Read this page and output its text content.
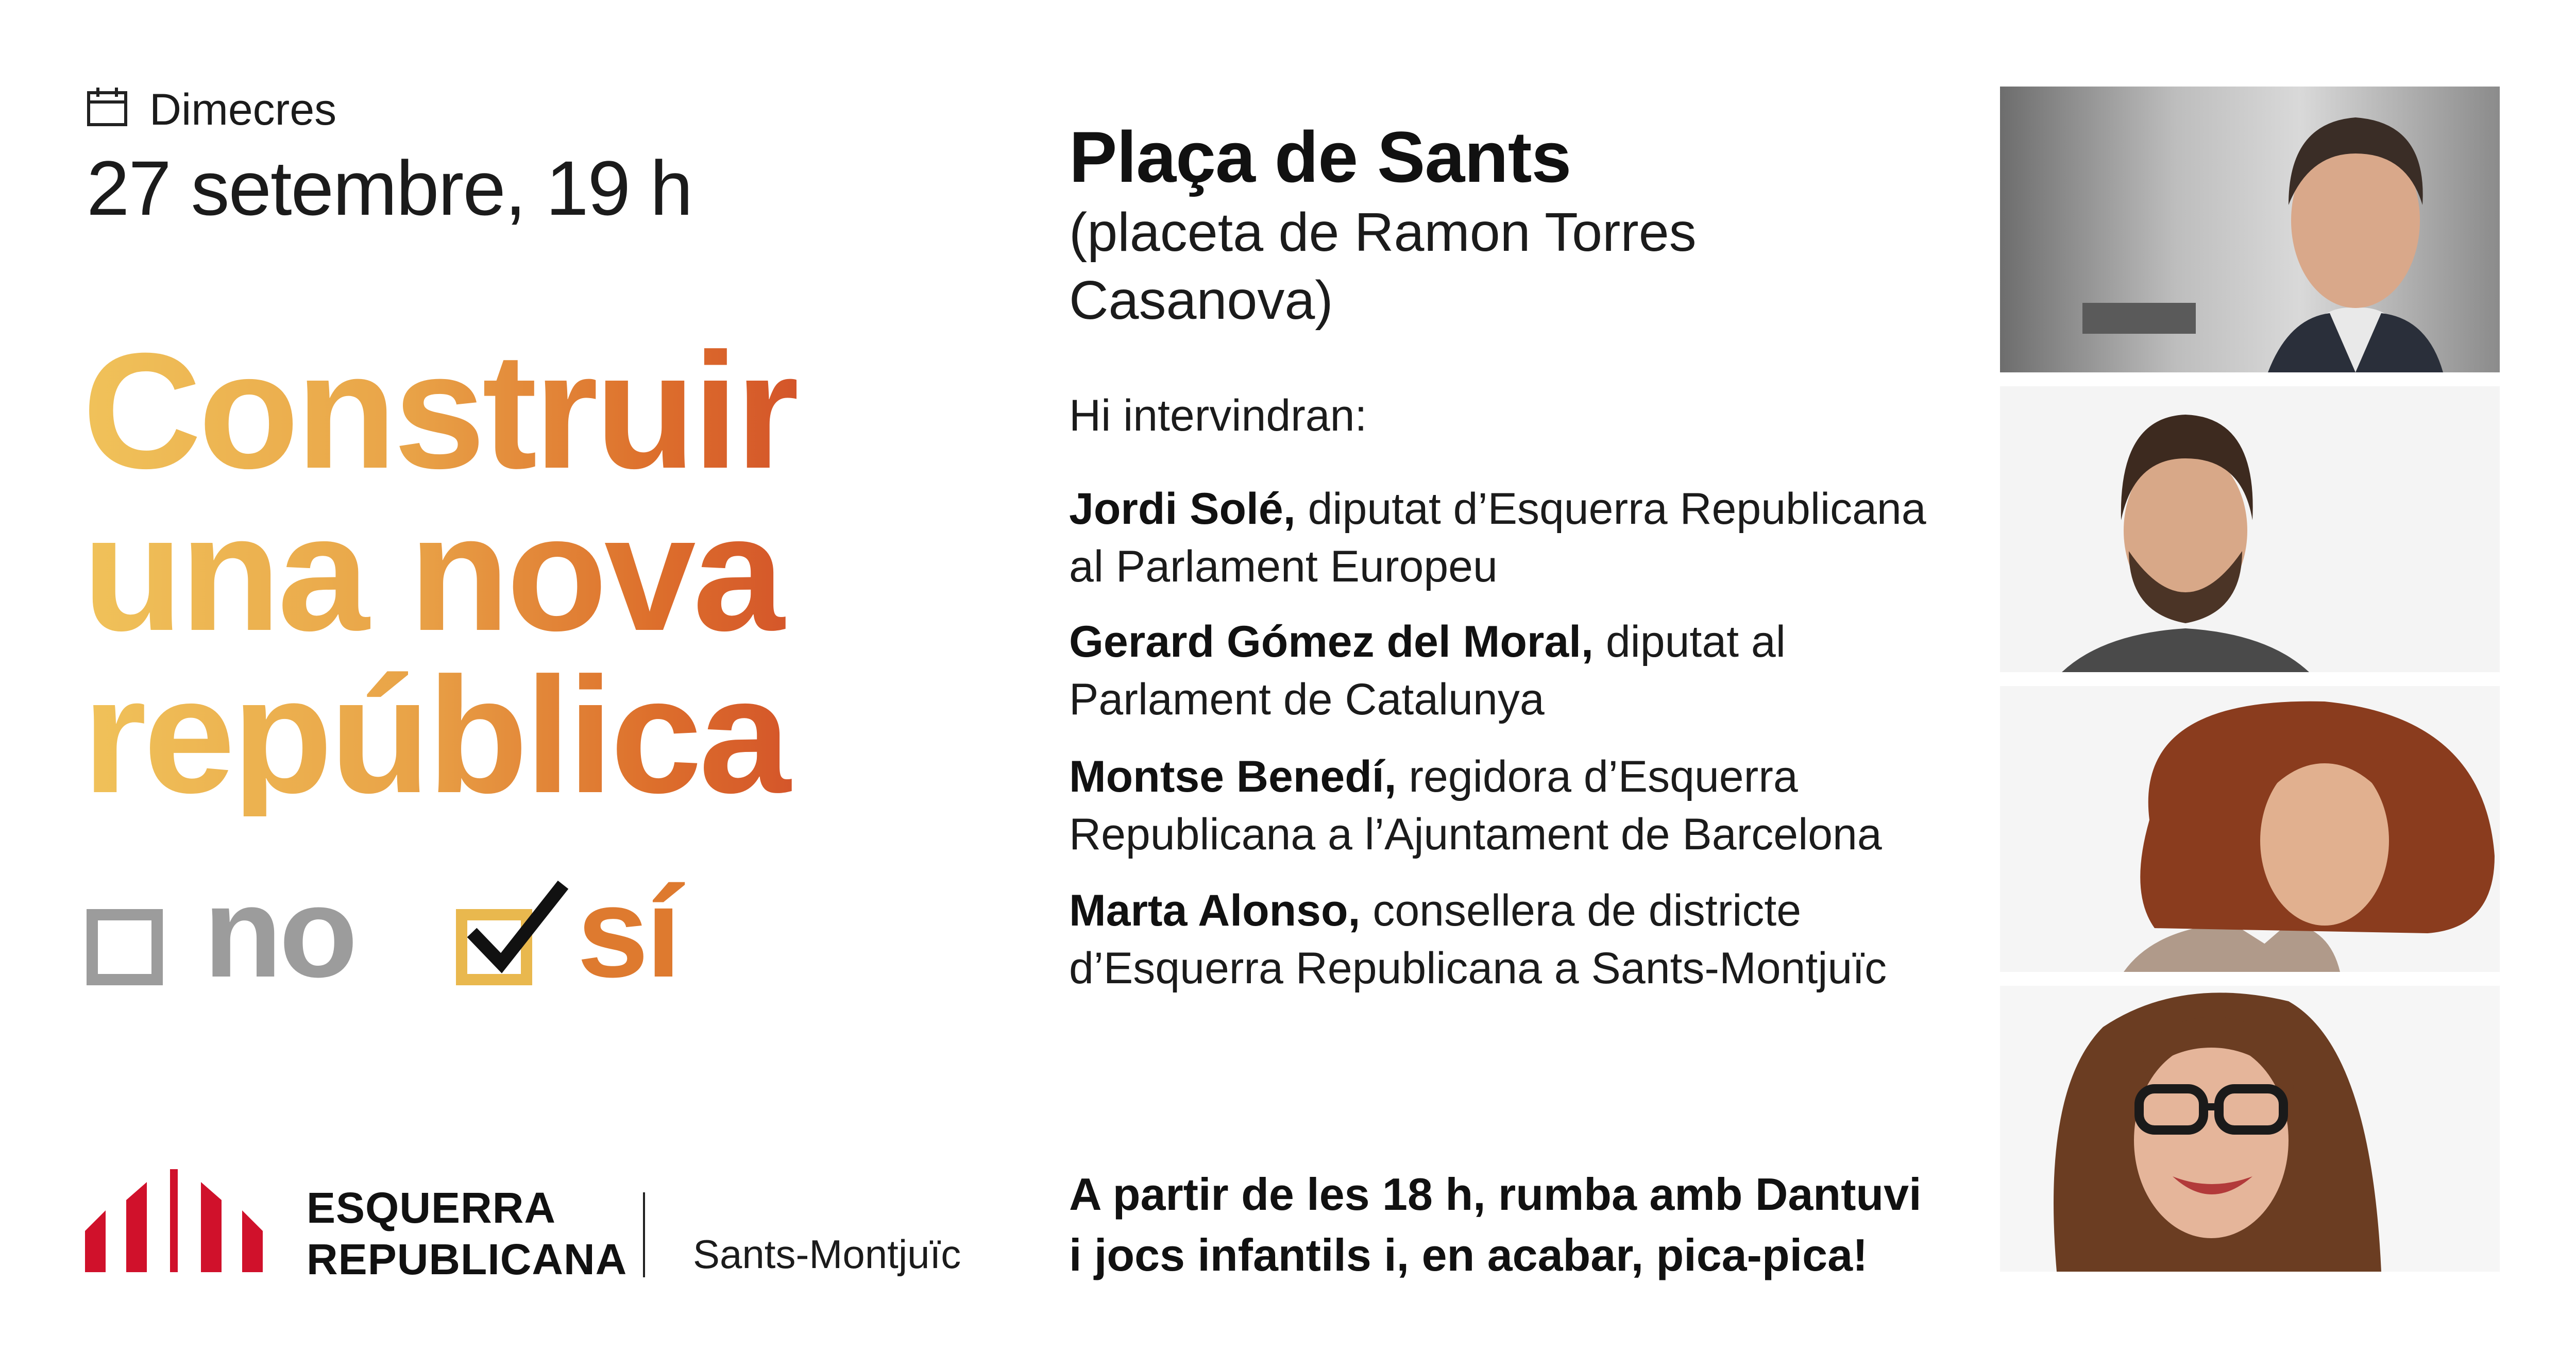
Dimecres
27 setembre, 19 h
Construir
una nova
república
no sí
ESQUERRA
REPUBLICANA Sants-Montjuïc
Plaça de Sants
(placeta de Ramon Torres Casanova)
Hi intervindran:
Jordi Solé, diputat d’Esquerra Republicana al Parlament Europeu
Gerard Gómez del Moral, diputat al Parlament de Catalunya
Montse Benedí, regidora d’Esquerra Republicana a l’Ajuntament de Barcelona
Marta Alonso, consellera de districte d’Esquerra Republicana a Sants-Montjuïc
A partir de les 18 h, rumba amb Dantuvi i jocs infantils i, en acabar, pica-pica!
